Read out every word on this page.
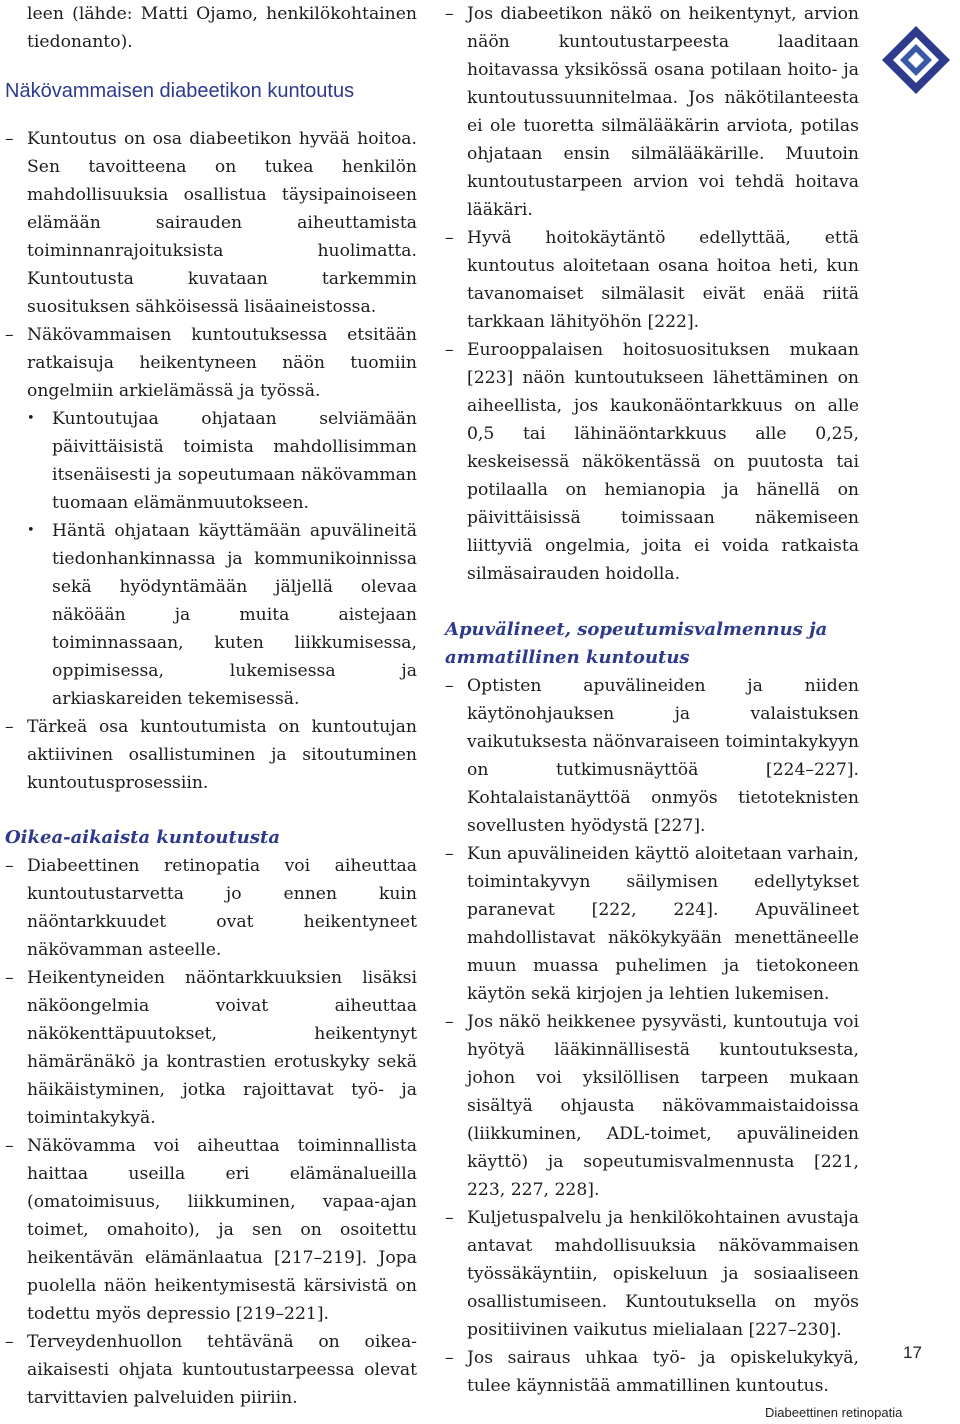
leen (lähde: Matti Ojamo, henkilökohtainen tiedonanto).
Näkövammaisen diabeetikon kuntoutus
– Kuntoutus on osa diabeetikon hyvää hoitoa. Sen tavoitteena on tukea henkilön mahdollisuuksia osallistua täysipainoiseen elämään sairauden aiheuttamista toiminnanrajoituksista huolimatta. Kuntoutusta kuvataan tarkemmin suosituksen sähköisessä lisäaineistossa.
– Näkövammaisen kuntoutuksessa etsitään ratkaisuja heikentyneen näön tuomiin ongelmiin arkielämässä ja työssä.
• Kuntoutujaa ohjataan selviämään päivittäisistä toimista mahdollisimman itsenäisesti ja sopeutumaan näkövamman tuomaan elämänmuutokseen.
• Häntä ohjataan käyttämään apuvälineitä tiedonhankinnassa ja kommunikoinnissa sekä hyödyntämään jäljellä olevaa näköään ja muita aistejaan toiminnassaan, kuten liikkumisessa, oppimisessa, lukemisessa ja arkiaskareiden tekemisessä.
– Tärkeä osa kuntoutumista on kuntoutujan aktiivinen osallistuminen ja sitoutuminen kuntoutusprosessiin.
Oikea-aikaista kuntoutusta
– Diabeettinen retinopatia voi aiheuttaa kuntoutustarvetta jo ennen kuin näöntarkkuudet ovat heikentyneet näkövamman asteelle.
– Heikentyneiden näöntarkkuuksien lisäksi näköongelmia voivat aiheuttaa näkökenttäpuutokset, heikentynyt hämäränäkö ja kontrastien erotuskyky sekä häikäistyminen, jotka rajoittavat työ- ja toimintakykyä.
– Näkövamma voi aiheuttaa toiminnallista haittaa useilla eri elämänalueilla (omatoimisuus, liikkuminen, vapaa-ajan toimet, omahoito), ja sen on osoitettu heikentävän elämänlaatua [217–219]. Jopa puolella näön heikentymisestä kärsivistä on todettu myös depressio [219–221].
– Terveydenhuollon tehtävänä on oikea-aikaisesti ohjata kuntoutustarpeessa olevat tarvittavien palveluiden piiriin.
– Jos diabeetikon näkö on heikentynyt, arvion näön kuntoutustarpeesta laaditaan hoitavassa yksikössä osana potilaan hoito- ja kuntoutussuunnitelmaa. Jos näkötilanteesta ei ole tuoretta silmälääkärin arviota, potilas ohjataan ensin silmälääkärille. Muutoin kuntoutustarpeen arvion voi tehdä hoitava lääkäri.
– Hyvä hoitokäytäntö edellyttää, että kuntoutus aloitetaan osana hoitoa heti, kun tavanomaiset silmälasit eivät enää riitä tarkkaan lähityöhön [222].
– Eurooppalaisen hoitosuosituksen mukaan [223] näön kuntoutukseen lähettäminen on aiheellista, jos kaukonäöntarkkuus on alle 0,5 tai lähinäöntarkkuus alle 0,25, keskeisessä näkökentässä on puutosta tai potilaalla on hemianopia ja hänellä on päivittäisissä toimissaan näkemiseen liittyviä ongelmia, joita ei voida ratkaista silmäsairauden hoidolla.
Apuvälineet, sopeutumisvalmennus ja ammatillinen kuntoutus
– Optisten apuvälineiden ja niiden käytönohjauksen ja valaistuksen vaikutuksesta näönvaraiseen toimintakykyyn on tutkimusnäyttöä [224–227]. Kohtalaistanäyttöä onmyös tietoteknisten sovellusten hyödystä [227].
– Kun apuvälineiden käyttö aloitetaan varhain, toimintakyvyn säilymisen edellytykset paranevat [222, 224]. Apuvälineet mahdollistavat näkökykyään menettäneelle muun muassa puhelimen ja tietokoneen käytön sekä kirjojen ja lehtien lukemisen.
– Jos näkö heikkenee pysyvästi, kuntoutuja voi hyötyä lääkinnällisestä kuntoutuksesta, johon voi yksilöllisen tarpeen mukaan sisältyä ohjausta näkövammaistaidoissa (liikkuminen, ADL-toimet, apuvälineiden käyttö) ja sopeutumisvalmennusta [221, 223, 227, 228].
– Kuljetuspalvelu ja henkilökohtainen avustaja antavat mahdollisuuksia näkövammaisen työssäkäyntiin, opiskeluun ja sosiaaliseen osallistumiseen. Kuntoutuksella on myös positiivinen vaikutus mielialaan [227–230].
– Jos sairaus uhkaa työ- ja opiskelukykyä, tulee käynnistää ammatillinen kuntoutus.
17
Diabeettinen retinopatia
